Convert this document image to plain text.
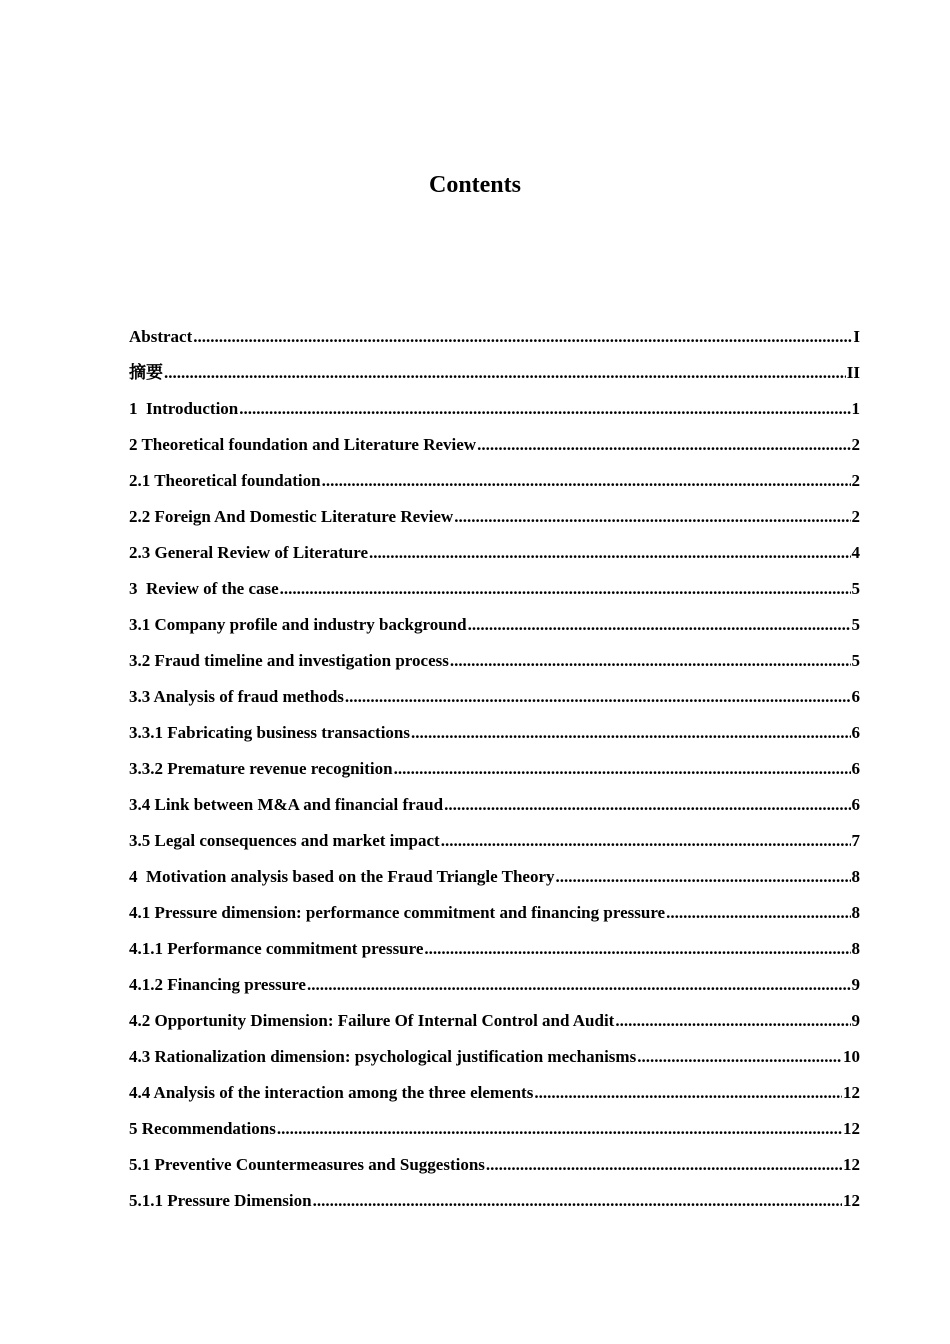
Contents
Abstract .....	I
摘要 .....	II
1  Introduction .....	1
2 Theoretical foundation and Literature Review .....	2
2.1 Theoretical foundation .....	2
2.2 Foreign And Domestic Literature Review .....	2
2.3 General Review of Literature .....	4
3  Review of the case .....	5
3.1 Company profile and industry background .....	5
3.2 Fraud timeline and investigation process .....	5
3.3 Analysis of fraud methods .....	6
3.3.1 Fabricating business transactions .....	6
3.3.2 Premature revenue recognition .....	6
3.4 Link between M&A and financial fraud .....	6
3.5 Legal consequences and market impact .....	7
4  Motivation analysis based on the Fraud Triangle Theory .....	8
4.1 Pressure dimension: performance commitment and financing pressure .....	8
4.1.1 Performance commitment pressure .....	8
4.1.2 Financing pressure .....	9
4.2 Opportunity Dimension: Failure Of Internal Control and Audit .....	9
4.3 Rationalization dimension: psychological justification mechanisms .....	10
4.4 Analysis of the interaction among the three elements .....	12
5 Recommendations .....	12
5.1 Preventive Countermeasures and Suggestions .....	12
5.1.1 Pressure Dimension .....	12
